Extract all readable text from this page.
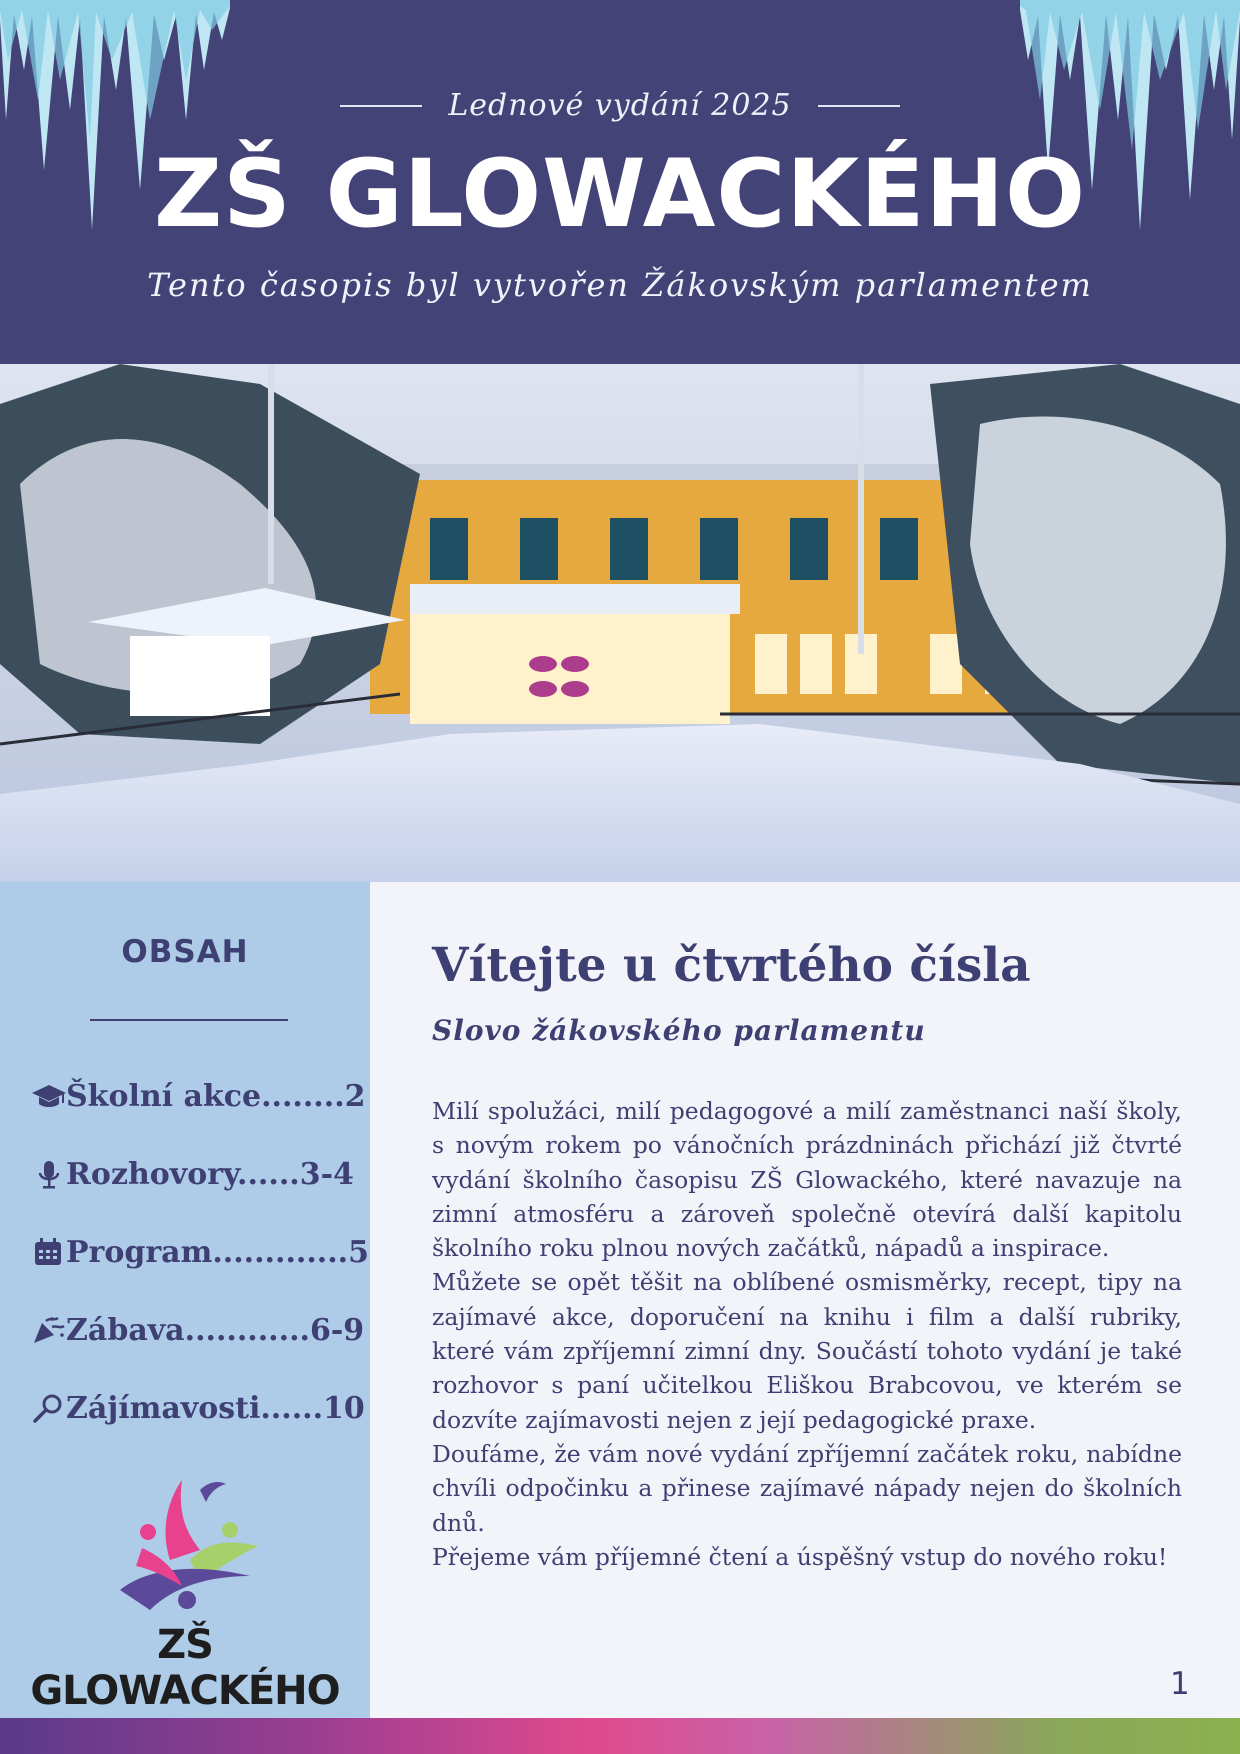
Lednové vydání 2025
ZŠ GLOWACKÉHO
Tento časopis byl vytvořen Žákovským parlamentem
OBSAH
Školní akce........2
Rozhovory......3-4
Program.............5
Zábava............6-9
Zájímavosti......10
ZŠ GLOWACKÉHO
Vítejte u čtvrtého čísla
Slovo žákovského parlamentu

Milí spolužáci, milí pedagogové a milí zaměstnanci naší školy, s novým rokem po vánočních prázdninách přichází již čtvrté vydání školního časopisu ZŠ Glowackého, které navazuje na zimní atmosféru a zároveň společně otevírá další kapitolu školního roku plnou nových začátků, nápadů a inspirace.

Můžete se opět těšit na oblíbené osmisměrky, recept, tipy na zajímavé akce, doporučení na knihu i film a další rubriky, které vám zpříjemní zimní dny. Součástí tohoto vydání je také rozhovor s paní učitelkou Eliškou Brabcovou, ve kterém se dozvíte zajímavosti nejen z její pedagogické praxe.

Doufáme, že vám nové vydání zpříjemní začátek roku, nabídne chvíli odpočinku a přinese zajímavé nápady nejen do školních dnů.

Přejeme vám příjemné čtení a úspěšný vstup do nového roku!

1
